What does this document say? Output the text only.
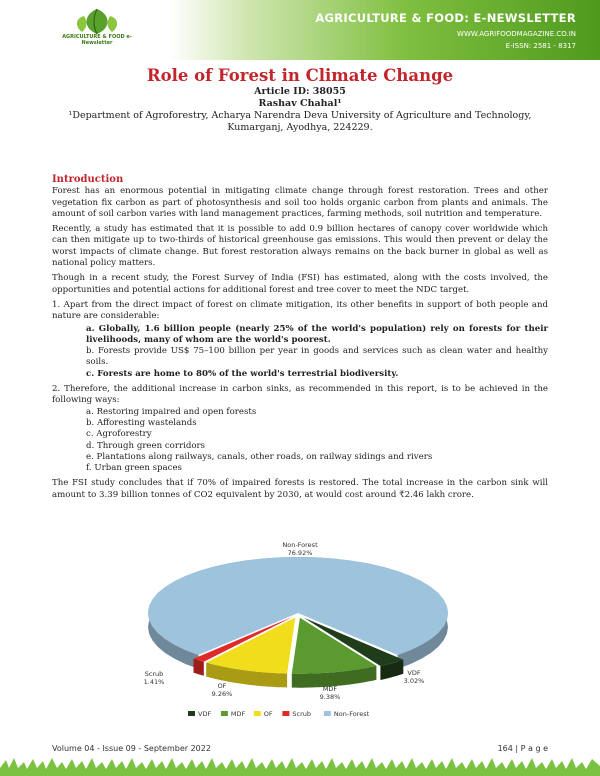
AGRICULTURE & FOOD e-Newsletter
AGRICULTURE & FOOD: E-NEWSLETTER
WWW.AGRIFOODMAGAZINE.CO.IN
E-ISSN: 2581 - 8317
Role of Forest in Climate Change
Article ID: 38055
Rashav Chahal¹
¹Department of Agroforestry, Acharya Narendra Deva University of Agriculture and Technology,
Kumarganj, Ayodhya, 224229.
Introduction

Forest has an enormous potential in mitigating climate change through forest restoration. Trees and other vegetation fix carbon as part of photosynthesis and soil too holds organic carbon from plants and animals. The amount of soil carbon varies with land management practices, farming methods, soil nutrition and temperature.

Recently, a study has estimated that it is possible to add 0.9 billion hectares of canopy cover worldwide which can then mitigate up to two-thirds of historical greenhouse gas emissions. This would then prevent or delay the worst impacts of climate change. But forest restoration always remains on the back burner in global as well as national policy matters.

Though in a recent study, the Forest Survey of India (FSI) has estimated, along with the costs involved, the opportunities and potential actions for additional forest and tree cover to meet the NDC target.

1. Apart from the direct impact of forest on climate mitigation, its other benefits in support of both people and nature are considerable:

a. Globally, 1.6 billion people (nearly 25% of the world's population) rely on forests for their livelihoods, many of whom are the world's poorest.
b. Forests provide US$ 75–100 billion per year in goods and services such as clean water and healthy soils.
c. Forests are home to 80% of the world's terrestrial biodiversity.

2. Therefore, the additional increase in carbon sinks, as recommended in this report, is to be achieved in the following ways:

a. Restoring impaired and open forests
b. Afforesting wastelands
c. Agroforestry
d. Through green corridors
e. Plantations along railways, canals, other roads, on railway sidings and rivers
f. Urban green spaces

The FSI study concludes that if 70% of impaired forests is restored. The total increase in the carbon sink will amount to 3.39 billion tonnes of CO2 equivalent by 2030, at would cost around ₹2.46 lakh crore.

Non-Forest
76.92%
VDF
3.02%
MDF
9.38%
OF
9.26%
Scrub
1.41%
VDF	MDF	OF	Scrub	Non-Forest
Volume 04 - Issue 09 - September 2022	164 | P a g e
